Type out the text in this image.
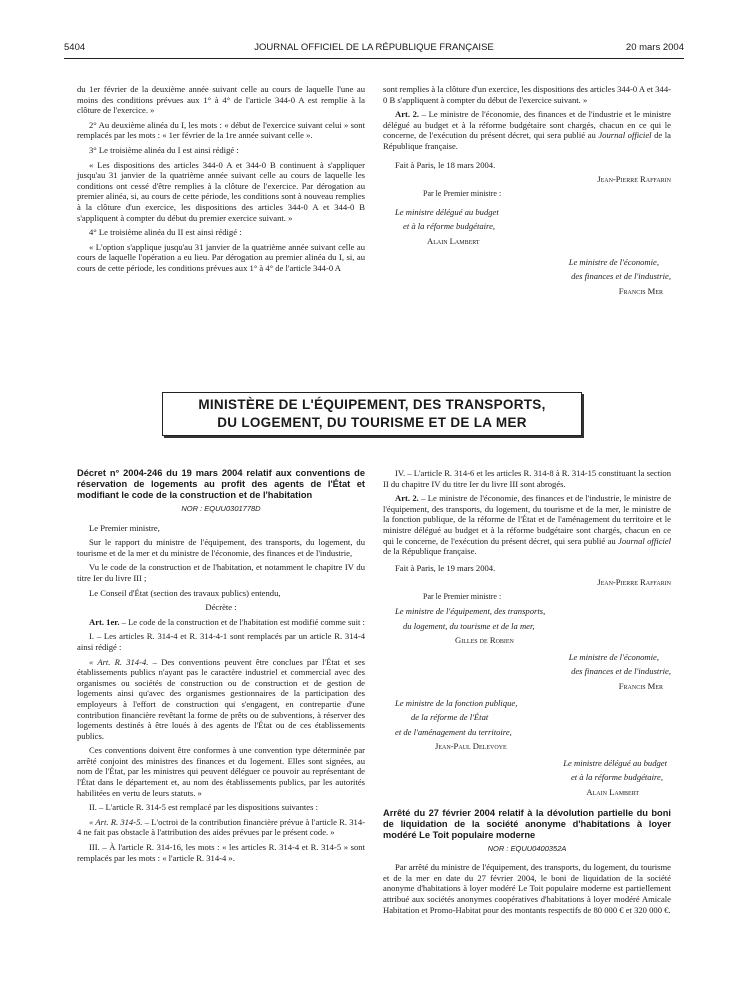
5404	JOURNAL OFFICIEL DE LA RÉPUBLIQUE FRANÇAISE	20 mars 2004

du 1er février de la deuxième année suivant celle au cours de laquelle l'une au moins des conditions prévues aux 1° à 4° de l'article 344-0 A est remplie à la clôture de l'exercice. »

2° Au deuxième alinéa du I, les mots : « début de l'exercice suivant celui » sont remplacés par les mots : « 1er février de la 1re année suivant celle ».

3° Le troisième alinéa du I est ainsi rédigé :

« Les dispositions des articles 344-0 A et 344-0 B continuent à s'appliquer jusqu'au 31 janvier de la quatrième année suivant celle au cours de laquelle les conditions ont cessé d'être remplies à la clôture de l'exercice. Par dérogation au premier alinéa, si, au cours de cette période, les conditions sont à nouveau remplies à la clôture d'un exercice, les dispositions des articles 344-0 A et 344-0 B s'appliquent à compter du début du premier exercice suivant. »

4° Le troisième alinéa du II est ainsi rédigé :

« L'option s'applique jusqu'au 31 janvier de la quatrième année suivant celle au cours de laquelle l'opération a eu lieu. Par dérogation au premier alinéa du I, si, au cours de cette période, les conditions prévues aux 1° à 4° de l'article 344-0 A

sont remplies à la clôture d'un exercice, les dispositions des articles 344-0 A et 344-0 B s'appliquent à compter du début de l'exercice suivant. »

Art. 2. – Le ministre de l'économie, des finances et de l'industrie et le ministre délégué au budget et à la réforme budgétaire sont chargés, chacun en ce qui le concerne, de l'exécution du présent décret, qui sera publié au Journal officiel de la République française.

Fait à Paris, le 18 mars 2004.

Jean-Pierre Raffarin

Par le Premier ministre :

Le ministre délégué au budget

et à la réforme budgétaire,

Alain Lambert

Le ministre de l'économie,

des finances et de l'industrie,

Francis Mer

MINISTÈRE DE L'ÉQUIPEMENT, DES TRANSPORTS,
DU LOGEMENT, DU TOURISME ET DE LA MER
Décret n° 2004-246 du 19 mars 2004 relatif aux conventions de réservation de logements au profit des agents de l'État et modifiant le code de la construction et de l'habitation
NOR : EQUU0301778D

Le Premier ministre,

Sur le rapport du ministre de l'équipement, des transports, du logement, du tourisme et de la mer et du ministre de l'économie, des finances et de l'industrie,

Vu le code de la construction et de l'habitation, et notamment le chapitre IV du titre Ier du livre III ;

Le Conseil d'État (section des travaux publics) entendu,

Décrète :

Art. 1er. – Le code de la construction et de l'habitation est modifié comme suit :

I. – Les articles R. 314-4 et R. 314-4-1 sont remplacés par un article R. 314-4 ainsi rédigé :

« Art. R. 314-4. – Des conventions peuvent être conclues par l'État et ses établissements publics n'ayant pas le caractère industriel et commercial avec des organismes ou sociétés de construction ou de construction et de gestion de logements ainsi qu'avec des organismes gestionnaires de la participation des employeurs à l'effort de construction qui s'engagent, en contrepartie d'une contribution financière revêtant la forme de prêts ou de subventions, à réserver des logements destinés à être loués à des agents de l'État ou de ces établissements publics.

Ces conventions doivent être conformes à une convention type déterminée par arrêté conjoint des ministres des finances et du logement. Elles sont signées, au nom de l'État, par les ministres qui peuvent déléguer ce pouvoir au représentant de l'État dans le département et, au nom des établissements publics, par les autorités habilitées en vertu de leurs statuts. »

II. – L'article R. 314-5 est remplacé par les dispositions suivantes :

« Art. R. 314-5. – L'octroi de la contribution financière prévue à l'article R. 314-4 ne fait pas obstacle à l'attribution des aides prévues par le présent code. »

III. – À l'article R. 314-16, les mots : « les articles R. 314-4 et R. 314-5 » sont remplacés par les mots : « l'article R. 314-4 ».

IV. – L'article R. 314-6 et les articles R. 314-8 à R. 314-15 constituant la section II du chapitre IV du titre Ier du livre III sont abrogés.

Art. 2. – Le ministre de l'économie, des finances et de l'industrie, le ministre de l'équipement, des transports, du logement, du tourisme et de la mer, le ministre de la fonction publique, de la réforme de l'État et de l'aménagement du territoire et le ministre délégué au budget et à la réforme budgétaire sont chargés, chacun en ce qui le concerne, de l'exécution du présent décret, qui sera publié au Journal officiel de la République française.

Fait à Paris, le 19 mars 2004.

Jean-Pierre Raffarin

Par le Premier ministre :

Le ministre de l'équipement, des transports,

du logement, du tourisme et de la mer,

Gilles de Robien

Le ministre de l'économie,

des finances et de l'industrie,

Francis Mer

Le ministre de la fonction publique,

de la réforme de l'État

et de l'aménagement du territoire,

Jean-Paul Delevoye

Le ministre délégué au budget

et à la réforme budgétaire,

Alain Lambert

Arrêté du 27 février 2004 relatif à la dévolution partielle du boni de liquidation de la société anonyme d'habitations à loyer modéré Le Toit populaire moderne
NOR : EQUU0400352A

Par arrêté du ministre de l'équipement, des transports, du logement, du tourisme et de la mer en date du 27 février 2004, le boni de liquidation de la société anonyme d'habitations à loyer modéré Le Toit populaire moderne est partiellement attribué aux sociétés anonymes coopératives d'habitations à loyer modéré Amicale Habitation et Promo-Habitat pour des montants respectifs de 80 000 € et 320 000 €.
